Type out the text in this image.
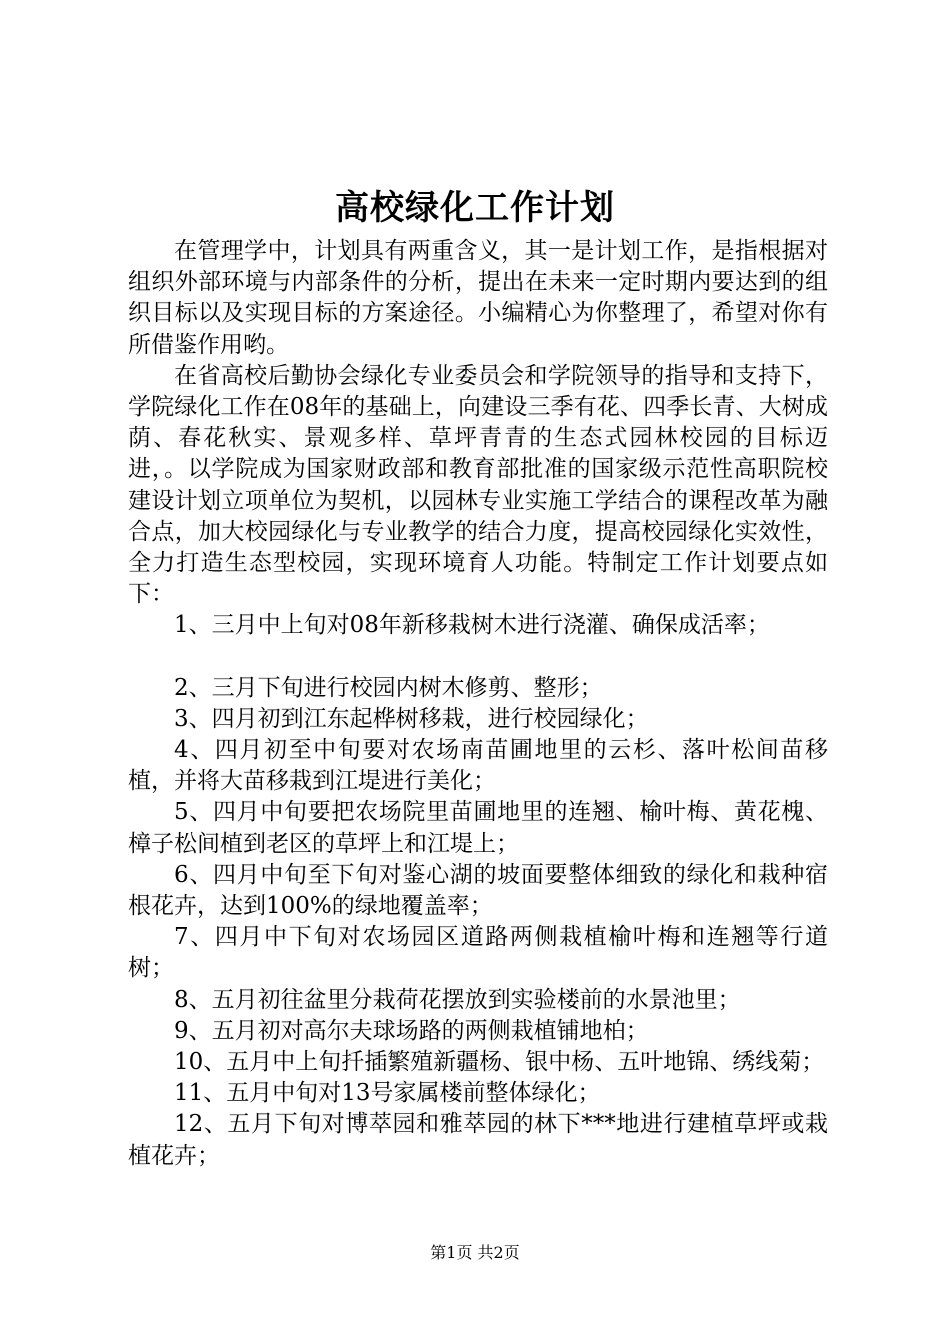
高校绿化工作计划

在管理学中，计划具有两重含义，其一是计划工作，是指根据对组织外部环境与内部条件的分析，提出在未来一定时期内要达到的组织目标以及实现目标的方案途径。小编精心为你整理了，希望对你有所借鉴作用哟。

在省高校后勤协会绿化专业委员会和学院领导的指导和支持下，学院绿化工作在08年的基础上，向建设三季有花、四季长青、大树成荫、春花秋实、景观多样、草坪青青的生态式园林校园的目标迈进，。以学院成为国家财政部和教育部批准的国家级示范性高职院校建设计划立项单位为契机，以园林专业实施工学结合的课程改革为融合点，加大校园绿化与专业教学的结合力度，提高校园绿化实效性，全力打造生态型校园，实现环境育人功能。特制定工作计划要点如下：

1、三月中上旬对08年新移栽树木进行浇灌、确保成活率；

2、三月下旬进行校园内树木修剪、整形；

3、四月初到江东起桦树移栽，进行校园绿化；

4、四月初至中旬要对农场南苗圃地里的云杉、落叶松间苗移植，并将大苗移栽到江堤进行美化；

5、四月中旬要把农场院里苗圃地里的连翘、榆叶梅、黄花槐、樟子松间植到老区的草坪上和江堤上；

6、四月中旬至下旬对鉴心湖的坡面要整体细致的绿化和栽种宿根花卉，达到100%的绿地覆盖率；

7、四月中下旬对农场园区道路两侧栽植榆叶梅和连翘等行道树；

8、五月初往盆里分栽荷花摆放到实验楼前的水景池里；

9、五月初对高尔夫球场路的两侧栽植铺地柏；

10、五月中上旬扦插繁殖新疆杨、银中杨、五叶地锦、绣线菊；

11、五月中旬对13号家属楼前整体绿化；

12、五月下旬对博萃园和雅萃园的林下***地进行建植草坪或栽植花卉；

第1页 共2页
